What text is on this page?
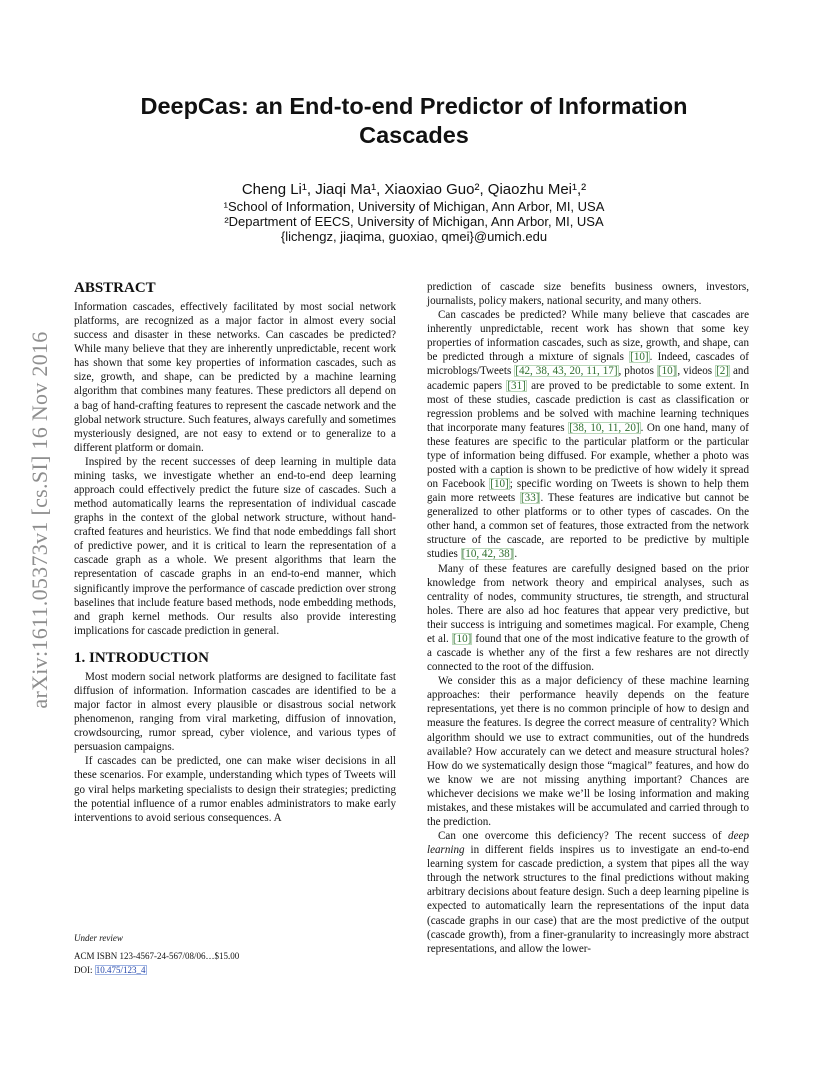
DeepCas: an End-to-end Predictor of Information Cascades
Cheng Li¹, Jiaqi Ma¹, Xiaoxiao Guo², Qiaozhu Mei¹,²
¹School of Information, University of Michigan, Ann Arbor, MI, USA
²Department of EECS, University of Michigan, Ann Arbor, MI, USA
{lichengz, jiaqima, guoxiao, qmei}@umich.edu
arXiv:1611.05373v1 [cs.SI] 16 Nov 2016
ABSTRACT

Information cascades, effectively facilitated by most social network platforms, are recognized as a major factor in almost every social success and disaster in these networks. Can cascades be predicted? While many believe that they are inherently unpredictable, recent work has shown that some key properties of information cascades, such as size, growth, and shape, can be predicted by a machine learning algorithm that combines many features. These predictors all depend on a bag of hand-crafting features to represent the cascade network and the global network structure. Such features, always carefully and sometimes mysteriously designed, are not easy to extend or to generalize to a different platform or domain.

Inspired by the recent successes of deep learning in multiple data mining tasks, we investigate whether an end-to-end deep learning approach could effectively predict the future size of cascades. Such a method automatically learns the representation of individual cascade graphs in the context of the global network structure, without hand-crafted features and heuristics. We find that node embeddings fall short of predictive power, and it is critical to learn the representation of a cascade graph as a whole. We present algorithms that learn the representation of cascade graphs in an end-to-end manner, which significantly improve the performance of cascade prediction over strong baselines that include feature based methods, node embedding methods, and graph kernel methods. Our results also provide interesting implications for cascade prediction in general.

1. INTRODUCTION

Most modern social network platforms are designed to facilitate fast diffusion of information. Information cascades are identified to be a major factor in almost every plausible or disastrous social network phenomenon, ranging from viral marketing, diffusion of innovation, crowdsourcing, rumor spread, cyber violence, and various types of persuasion campaigns.

If cascades can be predicted, one can make wiser decisions in all these scenarios. For example, understanding which types of Tweets will go viral helps marketing specialists to design their strategies; predicting the potential influence of a rumor enables administrators to make early interventions to avoid serious consequences. A

Under review
ACM ISBN 123-4567-24-567/08/06…$15.00
DOI: 10.475/123_4

prediction of cascade size benefits business owners, investors, journalists, policy makers, national security, and many others.

Can cascades be predicted? While many believe that cascades are inherently unpredictable, recent work has shown that some key properties of information cascades, such as size, growth, and shape, can be predicted through a mixture of signals [10]. Indeed, cascades of microblogs/Tweets [42, 38, 43, 20, 11, 17], photos [10], videos [2] and academic papers [31] are proved to be predictable to some extent. In most of these studies, cascade prediction is cast as classification or regression problems and be solved with machine learning techniques that incorporate many features [38, 10, 11, 20]. On one hand, many of these features are specific to the particular platform or the particular type of information being diffused. For example, whether a photo was posted with a caption is shown to be predictive of how widely it spread on Facebook [10]; specific wording on Tweets is shown to help them gain more retweets [33]. These features are indicative but cannot be generalized to other platforms or to other types of cascades. On the other hand, a common set of features, those extracted from the network structure of the cascade, are reported to be predictive by multiple studies [10, 42, 38].

Many of these features are carefully designed based on the prior knowledge from network theory and empirical analyses, such as centrality of nodes, community structures, tie strength, and structural holes. There are also ad hoc features that appear very predictive, but their success is intriguing and sometimes magical. For example, Cheng et al. [10] found that one of the most indicative feature to the growth of a cascade is whether any of the first a few reshares are not directly connected to the root of the diffusion.

We consider this as a major deficiency of these machine learning approaches: their performance heavily depends on the feature representations, yet there is no common principle of how to design and measure the features. Is degree the correct measure of centrality? Which algorithm should we use to extract communities, out of the hundreds available? How accurately can we detect and measure structural holes? How do we systematically design those “magical” features, and how do we know we are not missing anything important? Chances are whichever decisions we make we’ll be losing information and making mistakes, and these mistakes will be accumulated and carried through to the prediction.

Can one overcome this deficiency? The recent success of deep learning in different fields inspires us to investigate an end-to-end learning system for cascade prediction, a system that pipes all the way through the network structures to the final predictions without making arbitrary decisions about feature design. Such a deep learning pipeline is expected to automatically learn the representations of the input data (cascade graphs in our case) that are the most predictive of the output (cascade growth), from a finer-granularity to increasingly more abstract representations, and allow the lower-
